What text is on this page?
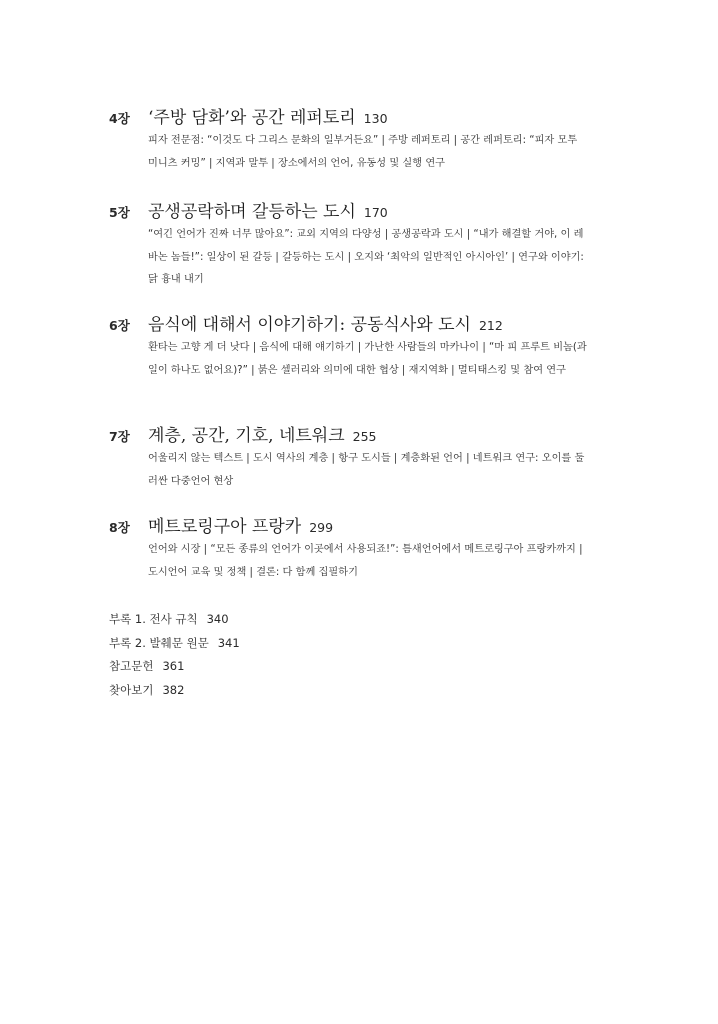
4장 ‘주방 담화’와 공간 레퍼토리 130
피자 전문점: “이것도 다 그리스 문화의 일부거든요” | 주방 레퍼토리 | 공간 레퍼토리: “피자 모투 미니츠 커밍” | 지역과 말투 | 장소에서의 언어, 유동성 및 실행 연구
5장 공생공락하며 갈등하는 도시 170
“여긴 언어가 진짜 너무 많아요”: 교외 지역의 다양성 | 공생공락과 도시 | “내가 해결할 거야, 이 레바논 놈들!”: 일상이 된 갈등 | 갈등하는 도시 | 오지와 ‘최악의 일반적인 아시아인’ | 연구와 이야기: 닭 흉내 내기
6장 음식에 대해서 이야기하기: 공동식사와 도시 212
환타는 고향 게 더 낫다 | 음식에 대해 얘기하기 | 가난한 사람들의 마카나이 | “마 피 프루트 비놈(과일이 하나도 없어요)?” | 붉은 셀러리와 의미에 대한 협상 | 재지역화 | 멀티태스킹 및 참여 연구
7장 계층, 공간, 기호, 네트워크 255
어울리지 않는 텍스트 | 도시 역사의 계층 | 항구 도시들 | 계층화된 언어 | 네트워크 연구: 오이를 둘러싼 다중언어 현상
8장 메트로링구아 프랑카 299
언어와 시장 | “모든 종류의 언어가 이곳에서 사용되죠!”: 틈새언어에서 메트로링구아 프랑카까지 | 도시언어 교육 및 정책 | 결론: 다 함께 집필하기
부록 1. 전사 규칙 340
부록 2. 발췌문 원문 341
참고문헌 361
찾아보기 382
